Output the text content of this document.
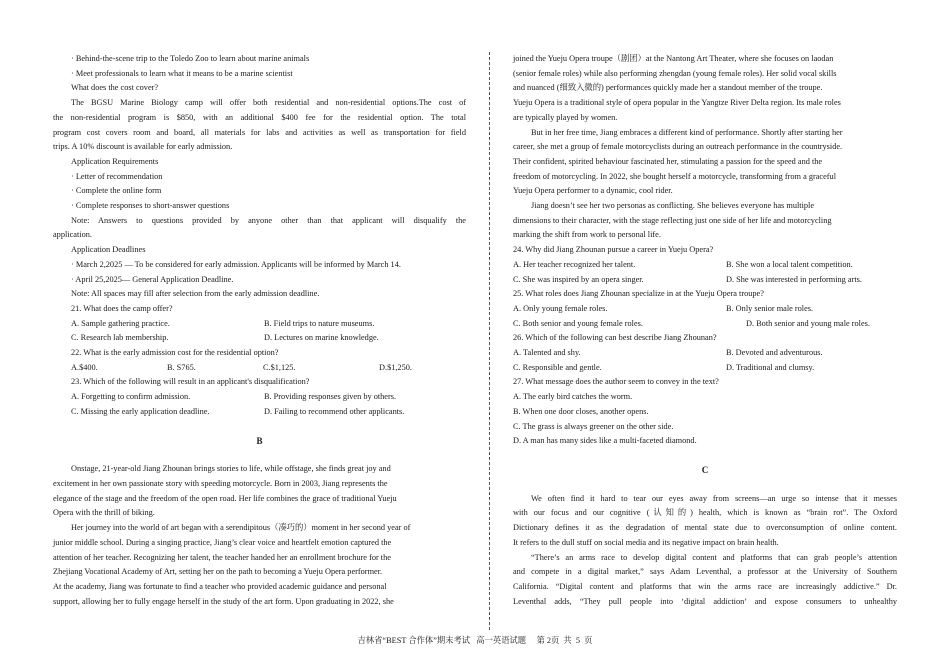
· Behind-the-scene trip to the Toledo Zoo to learn about marine animals
· Meet professionals to learn what it means to be a marine scientist
What does the cost cover?
The BGSU Marine Biology camp will offer both residential and non-residential options.The cost of
the non-residential program is $850, with an additional $400 fee for the residential option. The total
program cost covers room and board, all materials for labs and activities as well as transportation for field
trips. A 10% discount is available for early admission.
Application Requirements
· Letter of recommendation
· Complete the online form
· Complete responses to short-answer questions
Note: Answers to questions provided by anyone other than that applicant will disqualify the
application.
Application Deadlines
· March 2,2025 — To be considered for early admission. Applicants will be informed by March 14.
· April 25,2025— General Application Deadline.
Note: All spaces may fill after selection from the early admission deadline.
21. What does the camp offer?
A. Sample gathering practice.	B. Field trips to nature museums.
C. Research lab membership.	D. Lectures on marine knowledge.
22. What is the early admission cost for the residential option?
A.$400.	B. S765.	C.$1,125.	D.$1,250.
23. Which of the following will result in an applicant's disqualification?
A. Forgetting to confirm admission.	B. Providing responses given by others.
C. Missing the early application deadline.	D. Failing to recommend other applicants.
B
Onstage, 21-year-old Jiang Zhounan brings stories to life, while offstage, she finds great joy and
excitement in her own passionate story with speeding motorcycle. Born in 2003, Jiang represents the
elegance of the stage and the freedom of the open road. Her life combines the grace of traditional Yueju
Opera with the thrill of biking.
Her journey into the world of art began with a serendipitous（凑巧的）moment in her second year of
junior middle school. During a singing practice, Jiang’s clear voice and heartfelt emotion captured the
attention of her teacher. Recognizing her talent, the teacher handed her an enrollment brochure for the
Zhejiang Vocational Academy of Art, setting her on the path to becoming a Yueju Opera performer.
At the academy, Jiang was fortunate to find a teacher who provided academic guidance and personal
support, allowing her to fully engage herself in the study of the art form. Upon graduating in 2022, she
joined the Yueju Opera troupe（剧团）at the Nantong Art Theater, where she focuses on laodan
(senior female roles) while also performing zhengdan (young female roles). Her solid vocal skills
and nuanced (细致入微的) performances quickly made her a standout member of the troupe.
Yueju Opera is a traditional style of opera popular in the Yangtze River Delta region. Its male roles
are typically played by women.
But in her free time, Jiang embraces a different kind of performance. Shortly after starting her
career, she met a group of female motorcyclists during an outreach performance in the countryside.
Their confident, spirited behaviour fascinated her, stimulating a passion for the speed and the
freedom of motorcycling. In 2022, she bought herself a motorcycle, transforming from a graceful
Yueju Opera performer to a dynamic, cool rider.
Jiang doesn’t see her two personas as conflicting. She believes everyone has multiple
dimensions to their character, with the stage reflecting just one side of her life and motorcycling
marking the shift from work to personal life.
24. Why did Jiang Zhounan pursue a career in Yueju Opera?
A. Her teacher recognized her talent.	B. She won a local talent competition.
C. She was inspired by an opera singer.	D. She was interested in performing arts.
25. What roles does Jiang Zhounan specialize in at the Yueju Opera troupe?
A. Only young female roles.	B. Only senior male roles.
C. Both senior and young female roles.	D. Both senior and young male roles.
26. Which of the following can best describe Jiang Zhounan?
A. Talented and shy.	B. Devoted and adventurous.
C. Responsible and gentle.	D. Traditional and clumsy.
27. What message does the author seem to convey in the text?
A. The early bird catches the worm.
B. When one door closes, another opens.
C. The grass is always greener on the other side.
D. A man has many sides like a multi-faceted diamond.
C
We often find it hard to tear our eyes away from screens—an urge so intense that it messes
with our focus and our cognitive (认知的) health, which is known as “brain rot”. The Oxford
Dictionary defines it as the degradation of mental state due to overconsumption of online content.
It refers to the dull stuff on social media and its negative impact on brain health.
“There’s an arms race to develop digital content and platforms that can grab people’s attention
and compete in a digital market,” says Adam Leventhal, a professor at the University of Southern
California. “Digital content and platforms that win the arms race are increasingly addictive.” Dr.
Leventhal adds, “They pull people into ‘digital addiction’ and expose consumers to unhealthy
吉林省“BEST 合作体”期末考试   高一英语试题     第 2页  共  5  页
